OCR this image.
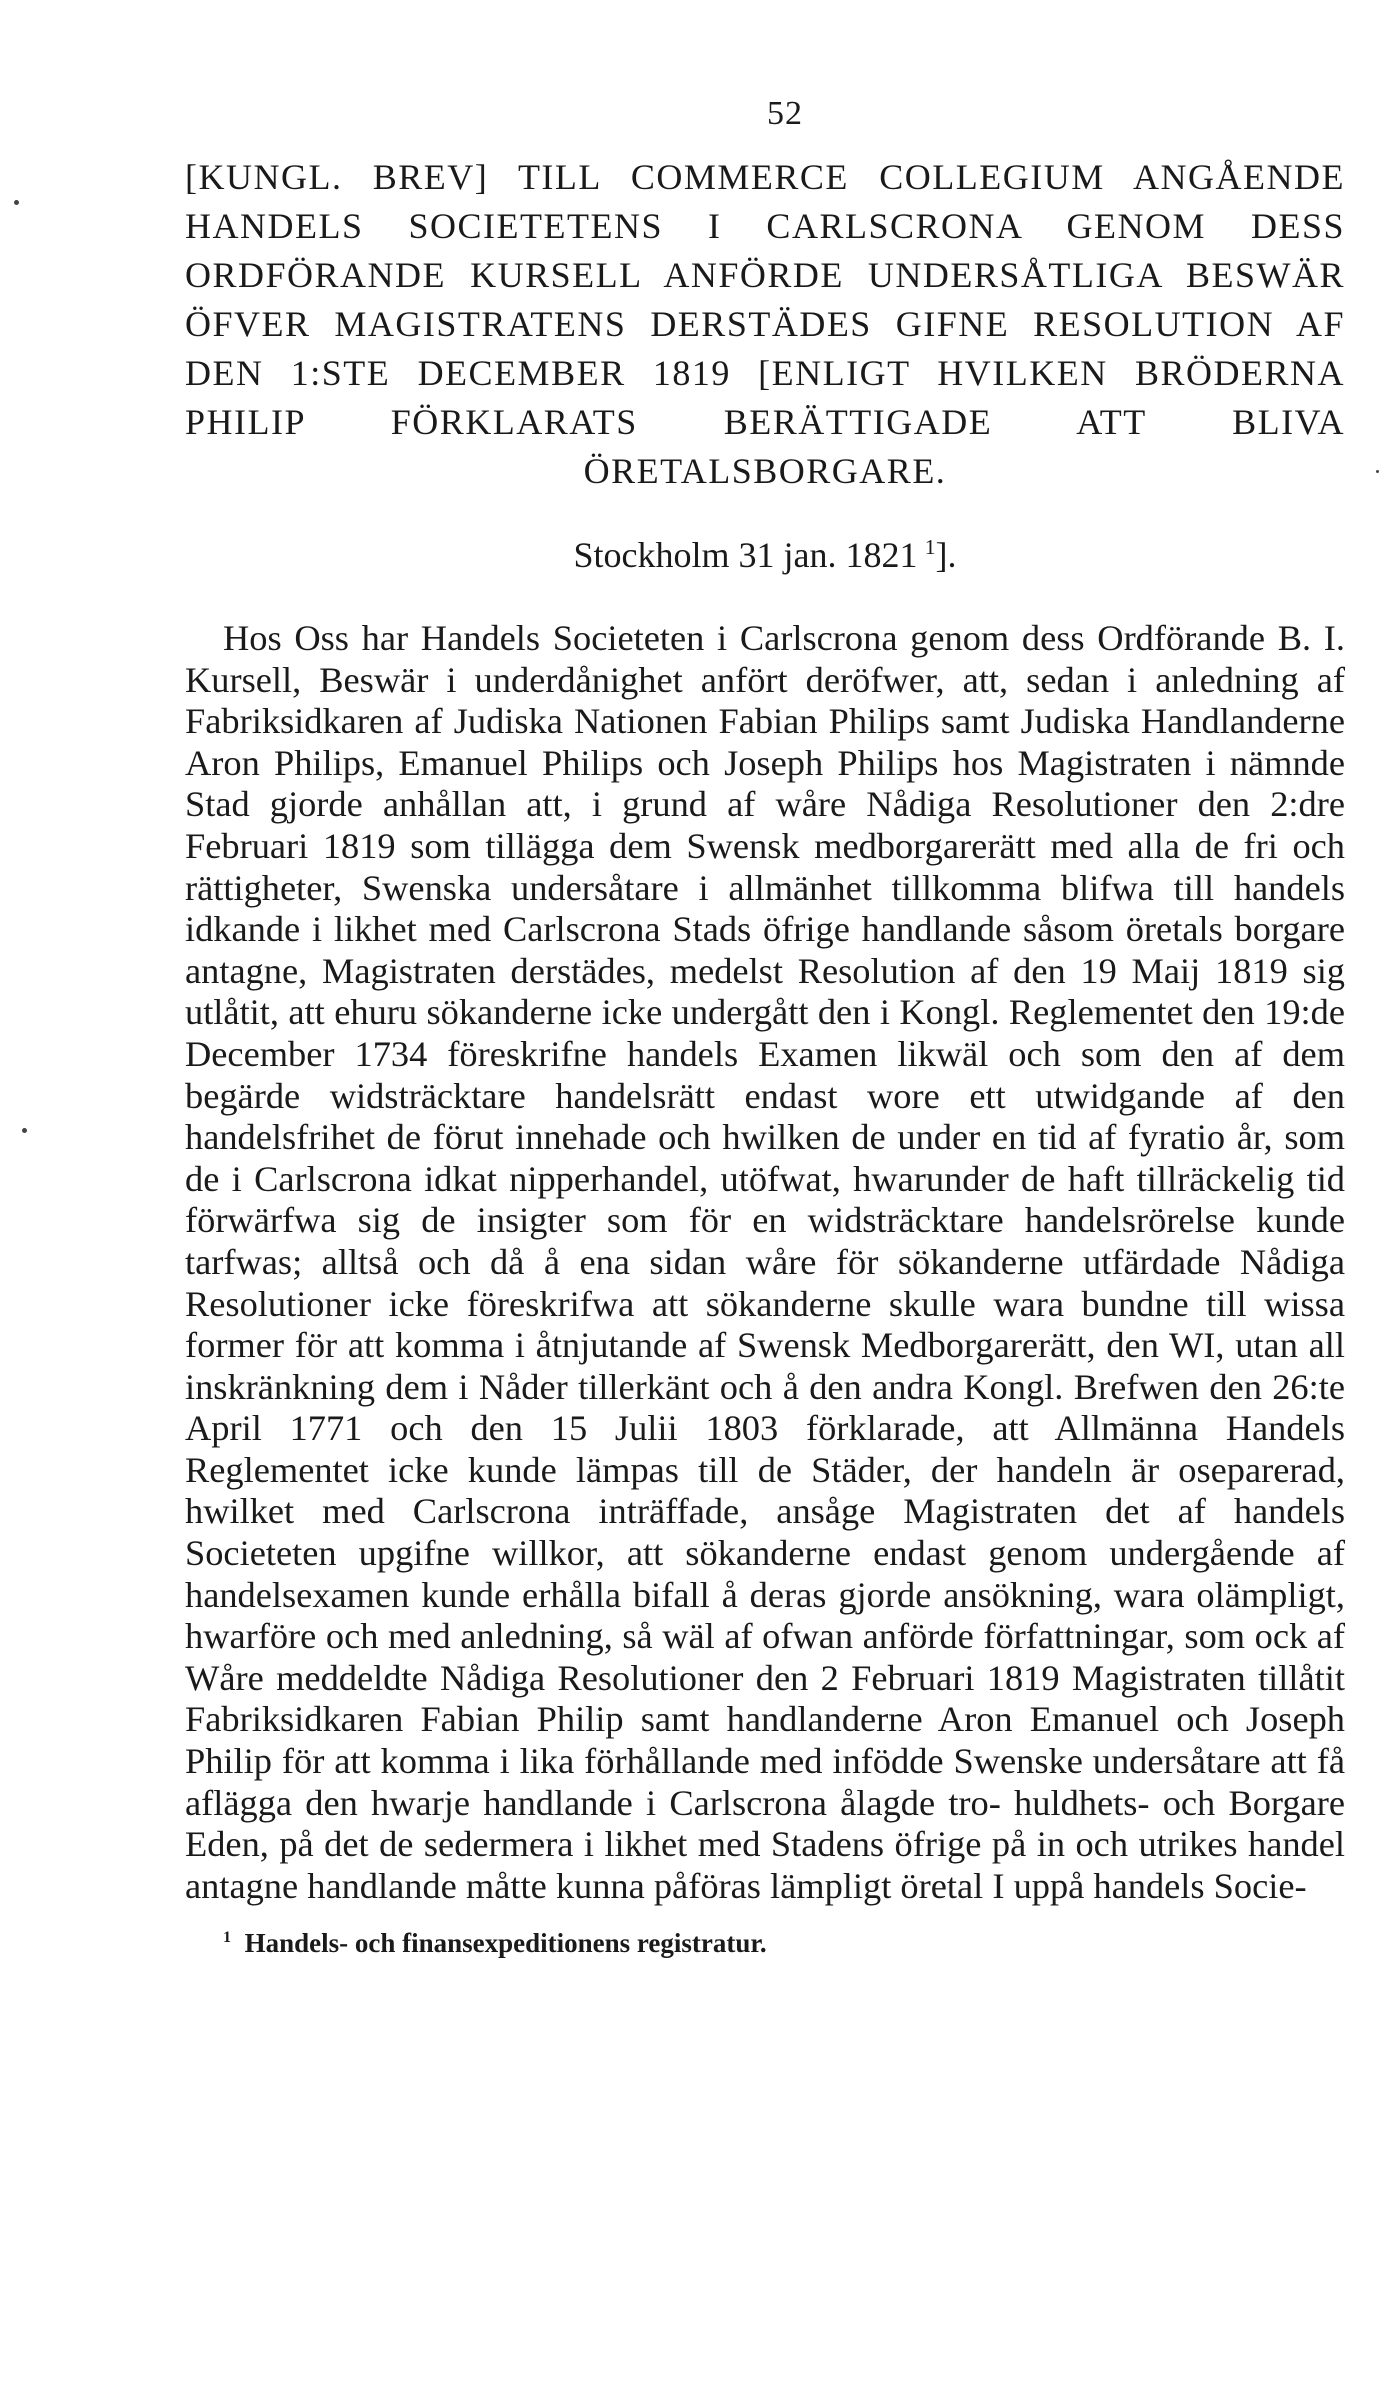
52

[KUNGL. BREV] TILL COMMERCE COLLEGIUM ANGÅENDE HANDELS SOCIETETENS I CARLSCRONA GENOM DESS ORDFÖRANDE KURSELL ANFÖRDE UNDERSÅTLIGA BESWÄR ÖFVER MAGISTRATENS DERSTÄDES GIFNE RESOLUTION AF DEN 1:STE DECEMBER 1819 [ENLIGT HVILKEN BRÖDERNA PHILIP FÖRKLARATS BERÄTTIGADE ATT BLIVA ÖRETALSBORGARE.

Stockholm 31 jan. 1821  $^1$].

Hos Oss har Handels Societeten i Carlscrona genom dess Ordförande B. I. Kursell, Beswär i underdånighet anfört deröfwer, att, sedan i anledning af Fabriksidkaren af Judiska Nationen Fabian Philips samt Judiska Handlanderne Aron Philips, Emanuel Philips och Joseph Philips hos Magistraten i nämnde Stad gjorde anhållan att, i grund af wåre Nådiga Resolutioner den 2:dre Februari 1819 som tillägga dem Swensk medborgarerätt med alla de fri och rättigheter, Swenska undersåtare i allmänhet tillkomma blifwa till handels idkande i likhet med Carlscrona Stads öfrige handlande såsom öretals borgare antagne, Magistraten derstädes, medelst Resolution af den 19 Maij 1819 sig utlåtit, att ehuru sökanderne icke undergått den i Kongl. Reglementet den 19:de December 1734 föreskrifne handels Examen likwäl och som den af dem begärde widsträcktare handelsrätt endast wore ett utwidgande af den handelsfrihet de förut innehade och hwilken de under en tid af fyratio år, som de i Carlscrona idkat nipperhandel, utöfwat, hwarunder de haft tillräckelig tid förwärfwa sig de insigter som för en widsträcktare handelsrörelse kunde tarfwas; alltså och då å ena sidan wåre för sökanderne utfärdade Nådiga Resolutioner icke föreskrifwa att sökanderne skulle wara bundne till wissa former för att komma i åtnjutande af Swensk Medborgarerätt, den WI, utan all inskränkning dem i Nåder tillerkänt och å den andra Kongl. Brefwen den 26:te April 1771 och den 15 Julii 1803 förklarade, att Allmänna Handels Reglementet icke kunde lämpas till de Städer, der handeln är oseparerad, hwilket med Carlscrona inträffade, ansåge Magistraten det af handels Societeten upgifne willkor, att sökanderne endast genom undergående af handelsexamen kunde erhålla bifall å deras gjorde ansökning, wara olämpligt, hwarföre och med anledning, så wäl af ofwan anförde författningar, som ock af Wåre meddeldte Nådiga Resolutioner den 2 Februari 1819 Magistraten tillåtit Fabriksidkaren Fabian Philip samt handlanderne Aron Emanuel och Joseph Philip för att komma i lika förhållande med infödde Swenske undersåtare att få aflägga den hwarje handlande i Carlscrona ålagde tro- huldhets- och Borgare Eden, på det de sedermera i likhet med Stadens öfrige på in och utrikes handel antagne handlande måtte kunna påföras lämpligt öretal I uppå handels Socie-

$^1$ Handels- och finansexpeditionens registratur.
